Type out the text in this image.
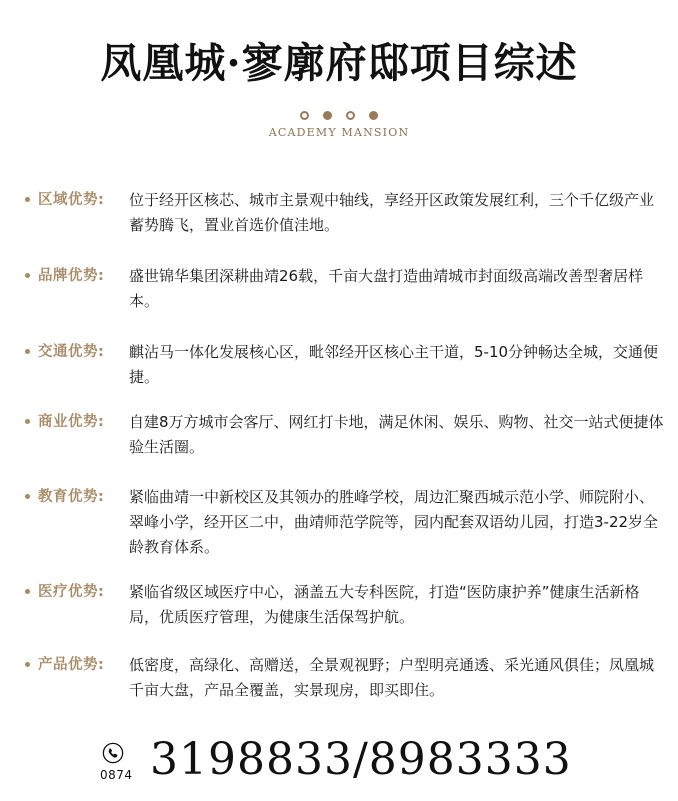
凤凰城·寥廓府邸项目综述
ACADEMY MANSION
区域优势: 位于经开区核芯、城市主景观中轴线，享经开区政策发展红利，三个千亿级产业蓄势腾飞，置业首选价值洼地。

品牌优势: 盛世锦华集团深耕曲靖26载，千亩大盘打造曲靖城市封面级高端改善型奢居样本。

交通优势: 麒沾马一体化发展核心区，毗邻经开区核心主干道，5-10分钟畅达全城，交通便捷。

商业优势: 自建8万方城市会客厅、网红打卡地，满足休闲、娱乐、购物、社交一站式便捷体验生活圈。

教育优势: 紧临曲靖一中新校区及其领办的胜峰学校，周边汇聚西城示范小学、师院附小、翠峰小学，经开区二中，曲靖师范学院等，园内配套双语幼儿园，打造3-22岁全龄教育体系。

医疗优势: 紧临省级区域医疗中心，涵盖五大专科医院，打造“医防康护养”健康生活新格局，优质医疗管理，为健康生活保驾护航。

产品优势: 低密度，高绿化、高赠送，全景观视野；户型明亮通透、采光通风俱佳；凤凰城千亩大盘，产品全覆盖，实景现房，即买即住。

0874 3198833/8983333
